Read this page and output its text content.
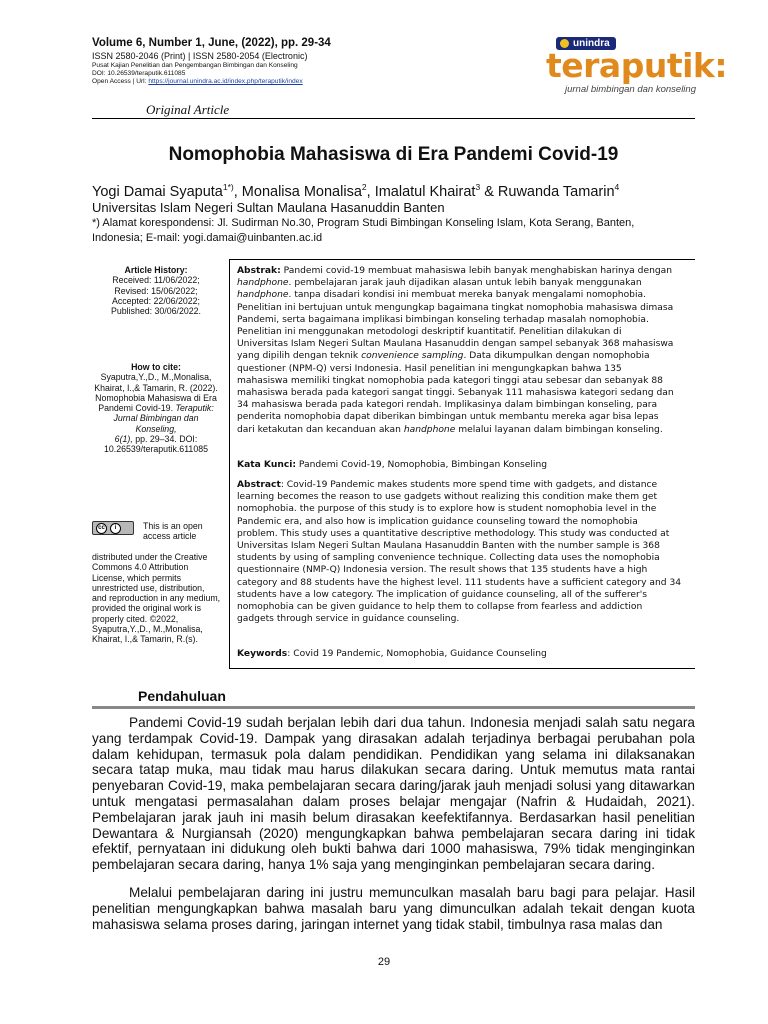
Volume 6, Number 1, June, (2022), pp. 29-34
ISSN 2580-2046 (Print) | ISSN 2580-2054 (Electronic)
Pusat Kajian Penelitian dan Pengembangan Bimbingan dan Konseling
DOI: 10.26539/teraputik.611085
Open Access | Url: https://journal.unindra.ac.id/index.php/teraputik/index
unindra
teraputik:
jurnal bimbingan dan konseling
Original Article
Nomophobia Mahasiswa di Era Pandemi Covid-19
Yogi Damai Syaputa$^{1*)}$, Monalisa Monalisa$^2$, Imalatul Khairat$^3$ & Ruwanda Tamarin$^4$
Universitas Islam Negeri Sultan Maulana Hasanuddin Banten
*) Alamat korespondensi: Jl. Sudirman No.30, Program Studi Bimbingan Konseling Islam, Kota Serang, Banten,
Indonesia; E-mail: yogi.damai@uinbanten.ac.id
Article History:
Received: 11/06/2022;
Revised: 15/06/2022;
Accepted: 22/06/2022;
Published: 30/06/2022.
How to cite:
Syaputra,Y.,D., M.,Monalisa,
Khairat, I.,& Tamarin, R. (2022).
Nomophobia Mahasiswa di Era
Pandemi Covid-19. Teraputik:
Jurnal Bimbingan dan Konseling,
6(1), pp. 29–34. DOI:
10.26539/teraputik.611085
cc	i	This is an open access article
distributed under the Creative
Commons 4.0 Attribution
License, which permits
unrestricted use, distribution,
and reproduction in any medium,
provided the original work is
properly cited. ©2022,
Syaputra,Y.,D., M.,Monalisa,
Khairat, I.,& Tamarin, R.(s).
Abstrak: Pandemi covid-19 membuat mahasiswa lebih banyak menghabiskan harinya dengan
handphone. pembelajaran jarak jauh dijadikan alasan untuk lebih banyak menggunakan
handphone. tanpa disadari kondisi ini membuat mereka banyak mengalami nomophobia.
Penelitian ini bertujuan untuk mengungkap bagaimana tingkat nomophobia mahasiswa dimasa
Pandemi, serta bagaimana implikasi bimbingan konseling terhadap masalah nomophobia.
Penelitian ini menggunakan metodologi deskriptif kuantitatif. Penelitian dilakukan di
Universitas Islam Negeri Sultan Maulana Hasanuddin dengan sampel sebanyak 368 mahasiswa
yang dipilih dengan teknik convenience sampling. Data dikumpulkan dengan nomophobia
questioner (NPM-Q) versi Indonesia. Hasil penelitian ini mengungkapkan bahwa 135
mahasiswa memiliki tingkat nomophobia pada kategori tinggi atau sebesar dan sebanyak 88
mahasiswa berada pada kategori sangat tinggi. Sebanyak 111 mahasiswa kategori sedang dan
34 mahasiswa berada pada kategori rendah. Implikasinya dalam bimbingan konseling, para
penderita nomophobia dapat diberikan bimbingan untuk membantu mereka agar bisa lepas
dari ketakutan dan kecanduan akan handphone melalui layanan dalam bimbingan konseling.
Kata Kunci: Pandemi Covid-19, Nomophobia, Bimbingan Konseling
Abstract: Covid-19 Pandemic makes students more spend time with gadgets, and distance
learning becomes the reason to use gadgets without realizing this condition make them get
nomophobia. the purpose of this study is to explore how is student nomophobia level in the
Pandemic era, and also how is implication guidance counseling toward the nomophobia
problem. This study uses a quantitative descriptive methodology. This study was conducted at
Universitas Islam Negeri Sultan Maulana Hasanuddin Banten with the number sample is 368
students by using of sampling convenience technique. Collecting data uses the nomophobia
questionnaire (NMP-Q) Indonesia version. The result shows that 135 students have a high
category and 88 students have the highest level. 111 students have a sufficient category and 34
students have a low category. The implication of guidance counseling, all of the sufferer's
nomophobia can be given guidance to help them to collapse from fearless and addiction
gadgets through service in guidance counseling.
Keywords: Covid 19 Pandemic, Nomophobia, Guidance Counseling
Pendahuluan

Pandemi Covid-19 sudah berjalan lebih dari dua tahun. Indonesia menjadi salah satu negara yang terdampak Covid-19. Dampak yang dirasakan adalah terjadinya berbagai perubahan pola dalam kehidupan, termasuk pola dalam pendidikan. Pendidikan yang selama ini dilaksanakan secara tatap muka, mau tidak mau harus dilakukan secara daring. Untuk memutus mata rantai penyebaran Covid-19, maka pembelajaran secara daring/jarak jauh menjadi solusi yang ditawarkan untuk mengatasi permasalahan dalam proses belajar mengajar (Nafrin & Hudaidah, 2021). Pembelajaran jarak jauh ini masih belum dirasakan keefektifannya. Berdasarkan hasil penelitian Dewantara & Nurgiansah (2020) mengungkapkan bahwa pembelajaran secara daring ini tidak efektif, pernyataan ini didukung oleh bukti bahwa dari 1000 mahasiswa, 79% tidak menginginkan pembelajaran secara daring, hanya 1% saja yang menginginkan pembelajaran secara daring.

Melalui pembelajaran daring ini justru memunculkan masalah baru bagi para pelajar. Hasil penelitian mengungkapkan bahwa masalah baru yang dimunculkan adalah tekait dengan kuota mahasiswa selama proses daring, jaringan internet yang tidak stabil, timbulnya rasa malas dan

29
